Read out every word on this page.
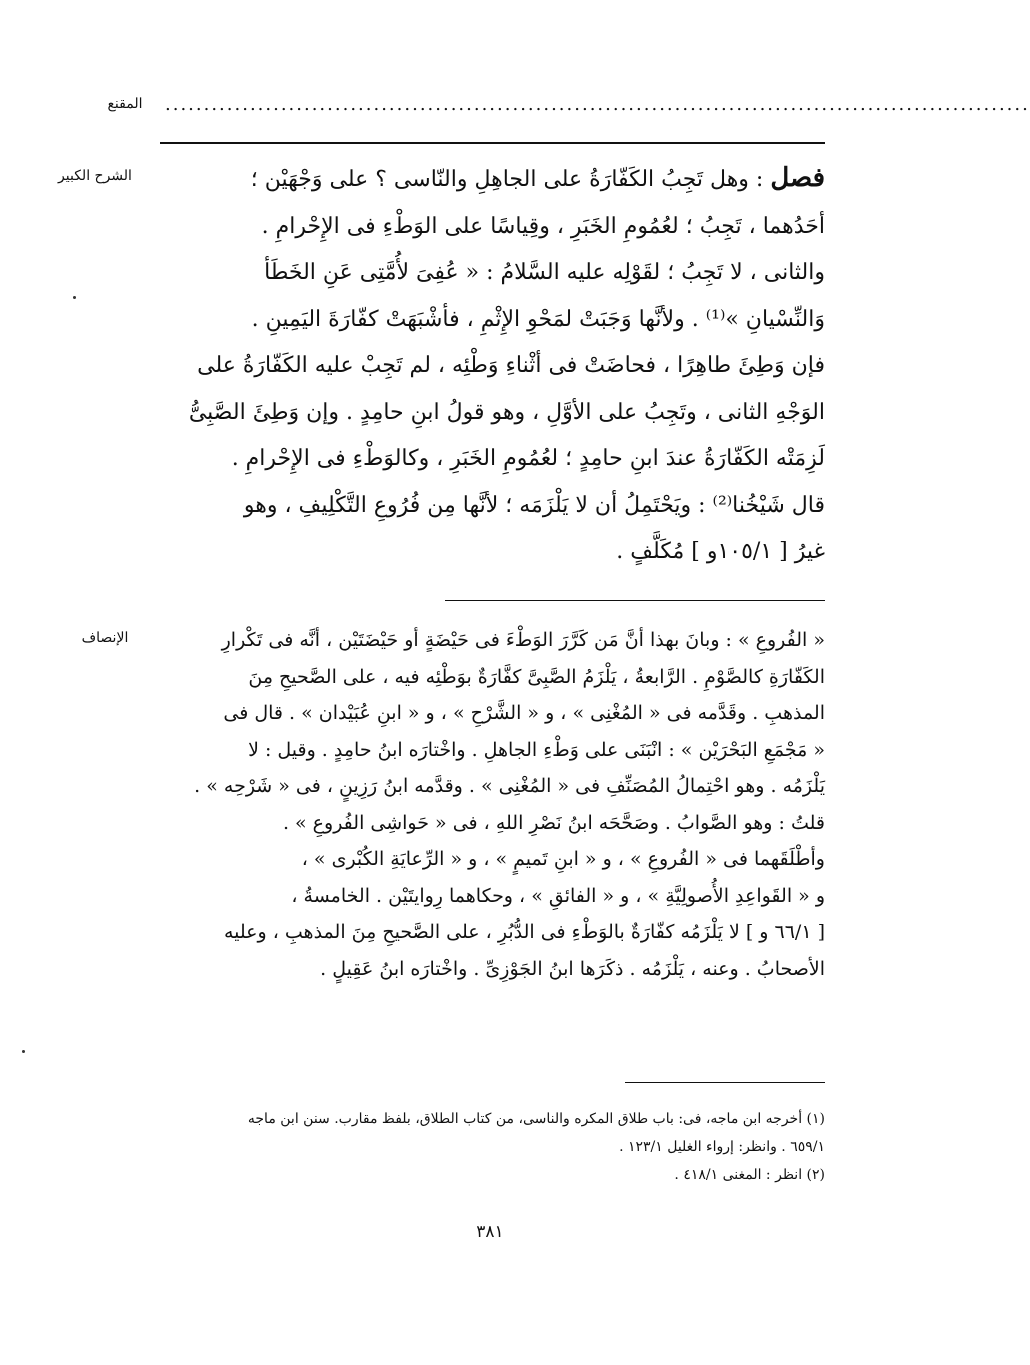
المقنع	................................................................................................................
الشرح الكبير
الإنصاف

فصل : وهل تَجِبُ الكَفّارَةُ على الجاهِلِ والنّاسى ؟ على وَجْهَيْن ؛

أحَدُهما ، تَجِبُ ؛ لعُمُومِ الخَبَرِ ، وقِياسًا على الوَطْءِ فى الإِحْرامِ .

والثانى ، لا تَجِبُ ؛ لقَوْلِه عليه السَّلامُ : « عُفِىَ لأُمَّتِى عَنِ الخَطَأ

وَالنِّسْيانِ »⁽¹⁾ . ولأنَّها وَجَبَتْ لمَحْوِ الإِثْمِ ، فأشْبَهَتْ كفّارَةَ اليَمِينِ .

فإن وَطِئَ طاهِرًا ، فحاضَتْ فى أثْناءِ وَطْئِه ، لم تَجِبْ عليه الكَفّارَةُ على

الوَجْهِ الثانى ، وتَجِبُ على الأوَّلِ ، وهو قولُ ابنِ حامِدٍ . وإن وَطِئَ الصَّبِىُّ

لَزِمَتْه الكَفّارَةُ عندَ ابنِ حامِدٍ ؛ لعُمُومِ الخَبَرِ ، وكالوَطْءِ فى الإِحْرامِ .

قال شَيْخُنا⁽²⁾ : ويَحْتَمِلُ أن لا يَلْزَمَه ؛ لأنَّها مِن فُرُوعِ التَّكْلِيفِ ، وهو

غيرُ [ ١٠٥/١و ] مُكَلَّفٍ .

« الفُروعِ » : وبانَ بهذا أنَّ مَن كَرَّرَ الوَطْءَ فى حَيْضَةٍ أو حَيْضَتَيْن ، أنَّه فى تَكْرارِ

الكَفّارَةِ كالصَّوْمِ . الرَّابعةُ ، يَلْزَمُ الصَّبِىَّ كفَّارَةٌ بوَطْئِه فيه ، على الصَّحيحِ مِنَ

المذهبِ . وقَدَّمه فى « المُغْنِى » ، و « الشَّرْحِ » ، و « ابنِ عُبَيْدان » . قال فى

« مَجْمَعِ البَحْرَيْن » : انْبَنَى على وَطْءِ الجاهلِ . واخْتارَه ابنُ حامِدٍ . وقيل : لا

يَلْزَمُه . وهو احْتِمالُ المُصَنِّفِ فى « المُغْنِى » . وقدَّمه ابنُ رَزِينٍ ، فى « شَرْحِه » .

قلتُ : وهو الصَّوابُ . وصَحَّحَه ابنُ نَصْرِ اللهِ ، فى « حَواشِى الفُروعِ » .

وأطْلَقَهما فى « الفُروعِ » ، و « ابنِ تَميمٍ » ، و « الرِّعايَةِ الكُبْرى » ،

و « القَواعِدِ الأُصولِيَّةِ » ، و « الفائقِ » ، وحكاهما رِوايتَيْن . الخامسةُ ،

[ ٦٦/١ و ] لا يَلْزَمُه كفّارَةٌ بالوَطْءِ فى الدُّبُرِ ، على الصَّحيحِ مِنَ المذهبِ ، وعليه

الأصحابُ . وعنه ، يَلْزَمُه . ذكَرَها ابنُ الجَوْزِىِّ . واخْتارَه ابنُ عَقِيلٍ .

(١) أخرجه ابن ماجه، فى: باب طلاق المكره والناسى، من كتاب الطلاق، بلفظ مقارب. سنن ابن ماجه

٦٥٩/١ . وانظر: إرواء الغليل ١٢٣/١ .

(٢) انظر : المغنى ٤١٨/١ .

٣٨١
